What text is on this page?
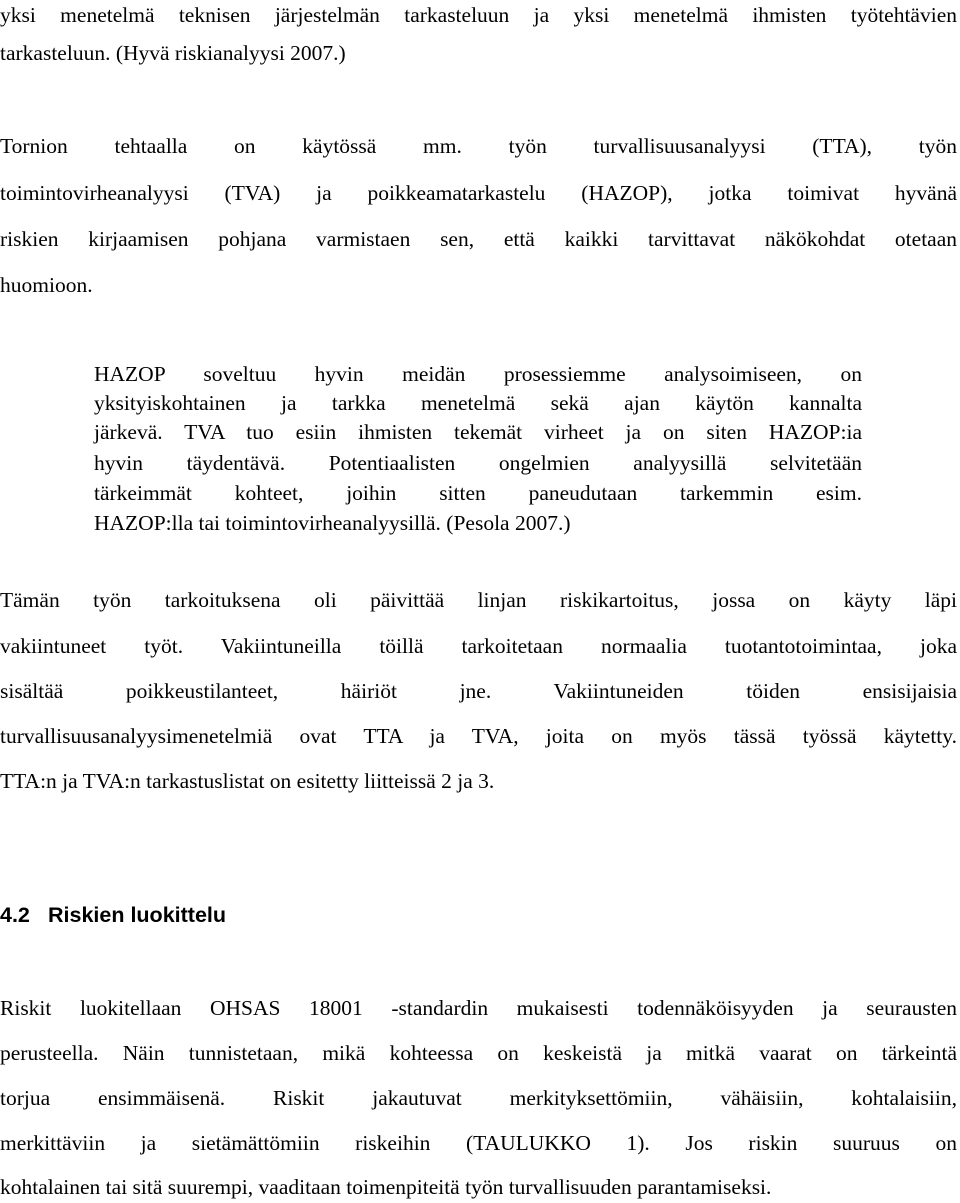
yksi menetelmä teknisen järjestelmän tarkasteluun ja yksi menetelmä ihmisten työtehtävien
tarkasteluun. (Hyvä riskianalyysi 2007.)
Tornion tehtaalla on käytössä mm. työn turvallisuusanalyysi (TTA), työn
toimintovirheanalyysi (TVA) ja poikkeamatarkastelu (HAZOP), jotka toimivat hyvänä
riskien kirjaamisen pohjana varmistaen sen, että kaikki tarvittavat näkökohdat otetaan
huomioon.
HAZOP soveltuu hyvin meidän prosessiemme analysoimiseen, on
yksityiskohtainen ja tarkka menetelmä sekä ajan käytön kannalta
järkevä. TVA tuo esiin ihmisten tekemät virheet ja on siten HAZOP:ia
hyvin täydentävä. Potentiaalisten ongelmien analyysillä selvitetään
tärkeimmät kohteet, joihin sitten paneudutaan tarkemmin esim.
HAZOP:lla tai toimintovirheanalyysillä. (Pesola 2007.)
Tämän työn tarkoituksena oli päivittää linjan riskikartoitus, jossa on käyty läpi
vakiintuneet työt. Vakiintuneilla töillä tarkoitetaan normaalia tuotantotoimintaa, joka
sisältää poikkeustilanteet, häiriöt jne. Vakiintuneiden töiden ensisijaisia
turvallisuusanalyysimenetelmiä ovat TTA ja TVA, joita on myös tässä työssä käytetty.
TTA:n ja TVA:n tarkastuslistat on esitetty liitteissä 2 ja 3.
4.2 Riskien luokittelu
Riskit luokitellaan OHSAS 18001 -standardin mukaisesti todennäköisyyden ja seurausten
perusteella. Näin tunnistetaan, mikä kohteessa on keskeistä ja mitkä vaarat on tärkeintä
torjua ensimmäisenä. Riskit jakautuvat merkityksettömiin, vähäisiin, kohtalaisiin,
merkittäviin ja sietämättömiin riskeihin (TAULUKKO 1). Jos riskin suuruus on
kohtalainen tai sitä suurempi, vaaditaan toimenpiteitä työn turvallisuuden parantamiseksi.
